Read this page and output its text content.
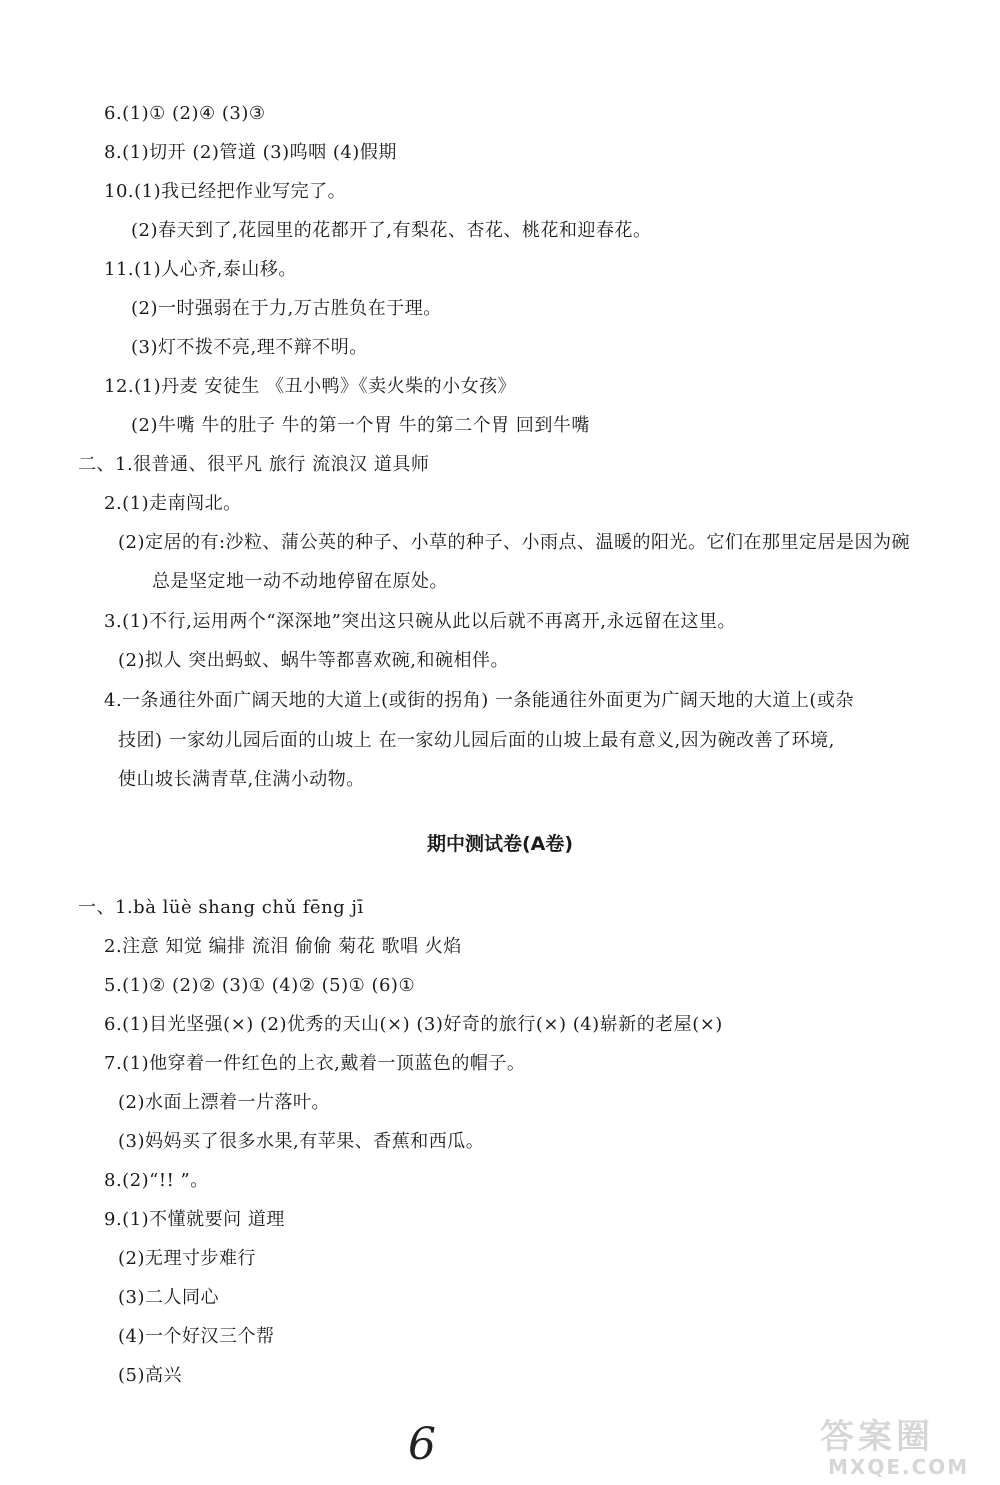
6.(1)① (2)④ (3)③
8.(1)切开 (2)管道 (3)呜咽 (4)假期
10.(1)我已经把作业写完了。
(2)春天到了,花园里的花都开了,有梨花、杏花、桃花和迎春花。
11.(1)人心齐,泰山移。
(2)一时强弱在于力,万古胜负在于理。
(3)灯不拨不亮,理不辩不明。
12.(1)丹麦 安徒生 《丑小鸭》《卖火柴的小女孩》
(2)牛嘴 牛的肚子 牛的第一个胃 牛的第二个胃 回到牛嘴
二、1.很普通、很平凡 旅行 流浪汉 道具师
2.(1)走南闯北。
(2)定居的有:沙粒、蒲公英的种子、小草的种子、小雨点、温暖的阳光。它们在那里定居是因为碗
总是坚定地一动不动地停留在原处。
3.(1)不行,运用两个“深深地”突出这只碗从此以后就不再离开,永远留在这里。
(2)拟人 突出蚂蚁、蜗牛等都喜欢碗,和碗相伴。
4.一条通往外面广阔天地的大道上(或街的拐角) 一条能通往外面更为广阔天地的大道上(或杂
技团) 一家幼儿园后面的山坡上 在一家幼儿园后面的山坡上最有意义,因为碗改善了环境,
使山坡长满青草,住满小动物。
期中测试卷(A卷)
一、1.bà lüè shang chǔ fēng jī
2.注意 知觉 编排 流泪 偷偷 菊花 歌唱 火焰
5.(1)② (2)② (3)① (4)② (5)① (6)①
6.(1)目光坚强(×) (2)优秀的天山(×) (3)好奇的旅行(×) (4)崭新的老屋(×)
7.(1)他穿着一件红色的上衣,戴着一顶蓝色的帽子。
(2)水面上漂着一片落叶。
(3)妈妈买了很多水果,有苹果、香蕉和西瓜。
8.(2)“!! ”。
9.(1)不懂就要问 道理
(2)无理寸步难行
(3)二人同心
(4)一个好汉三个帮
(5)高兴
6	答案圈
MXQE.COM
